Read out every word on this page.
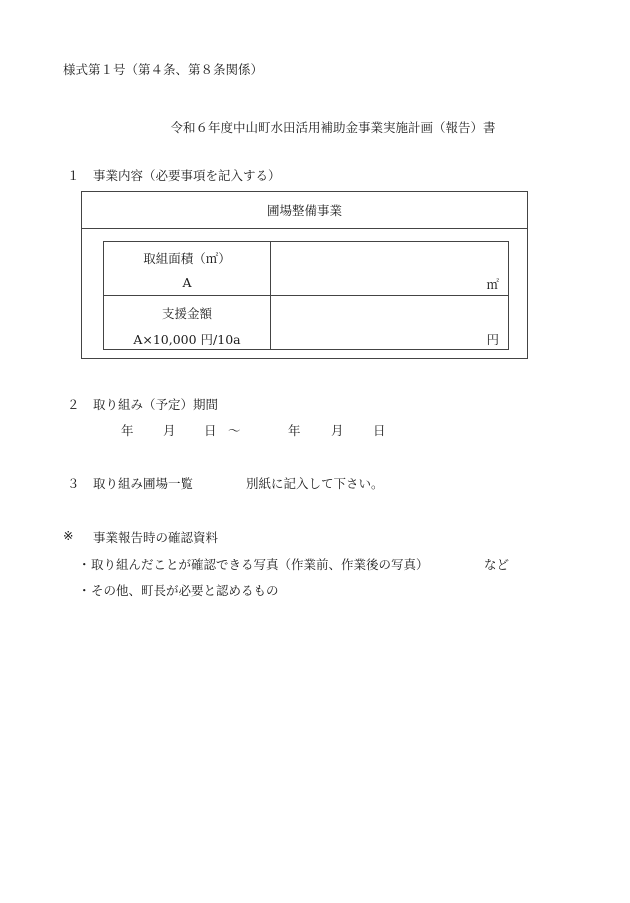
様式第１号（第４条、第８条関係）
令和６年度中山町水田活用補助金事業実施計画（報告）書
１ 事業内容（必要事項を記入する）
圃場整備事業
取組面積（㎡）
A	㎡
支援金額
A×10,000 円/10a	円
２ 取り組み（予定）期間
年 月 日 ～	年 月 日
３ 取り組み圃場一覧	別紙に記入して下さい。
※ 事業報告時の確認資料
・ 取り組んだことが確認できる写真（作業前、作業後の写真）	など
・ その他、町長が必要と認めるもの
